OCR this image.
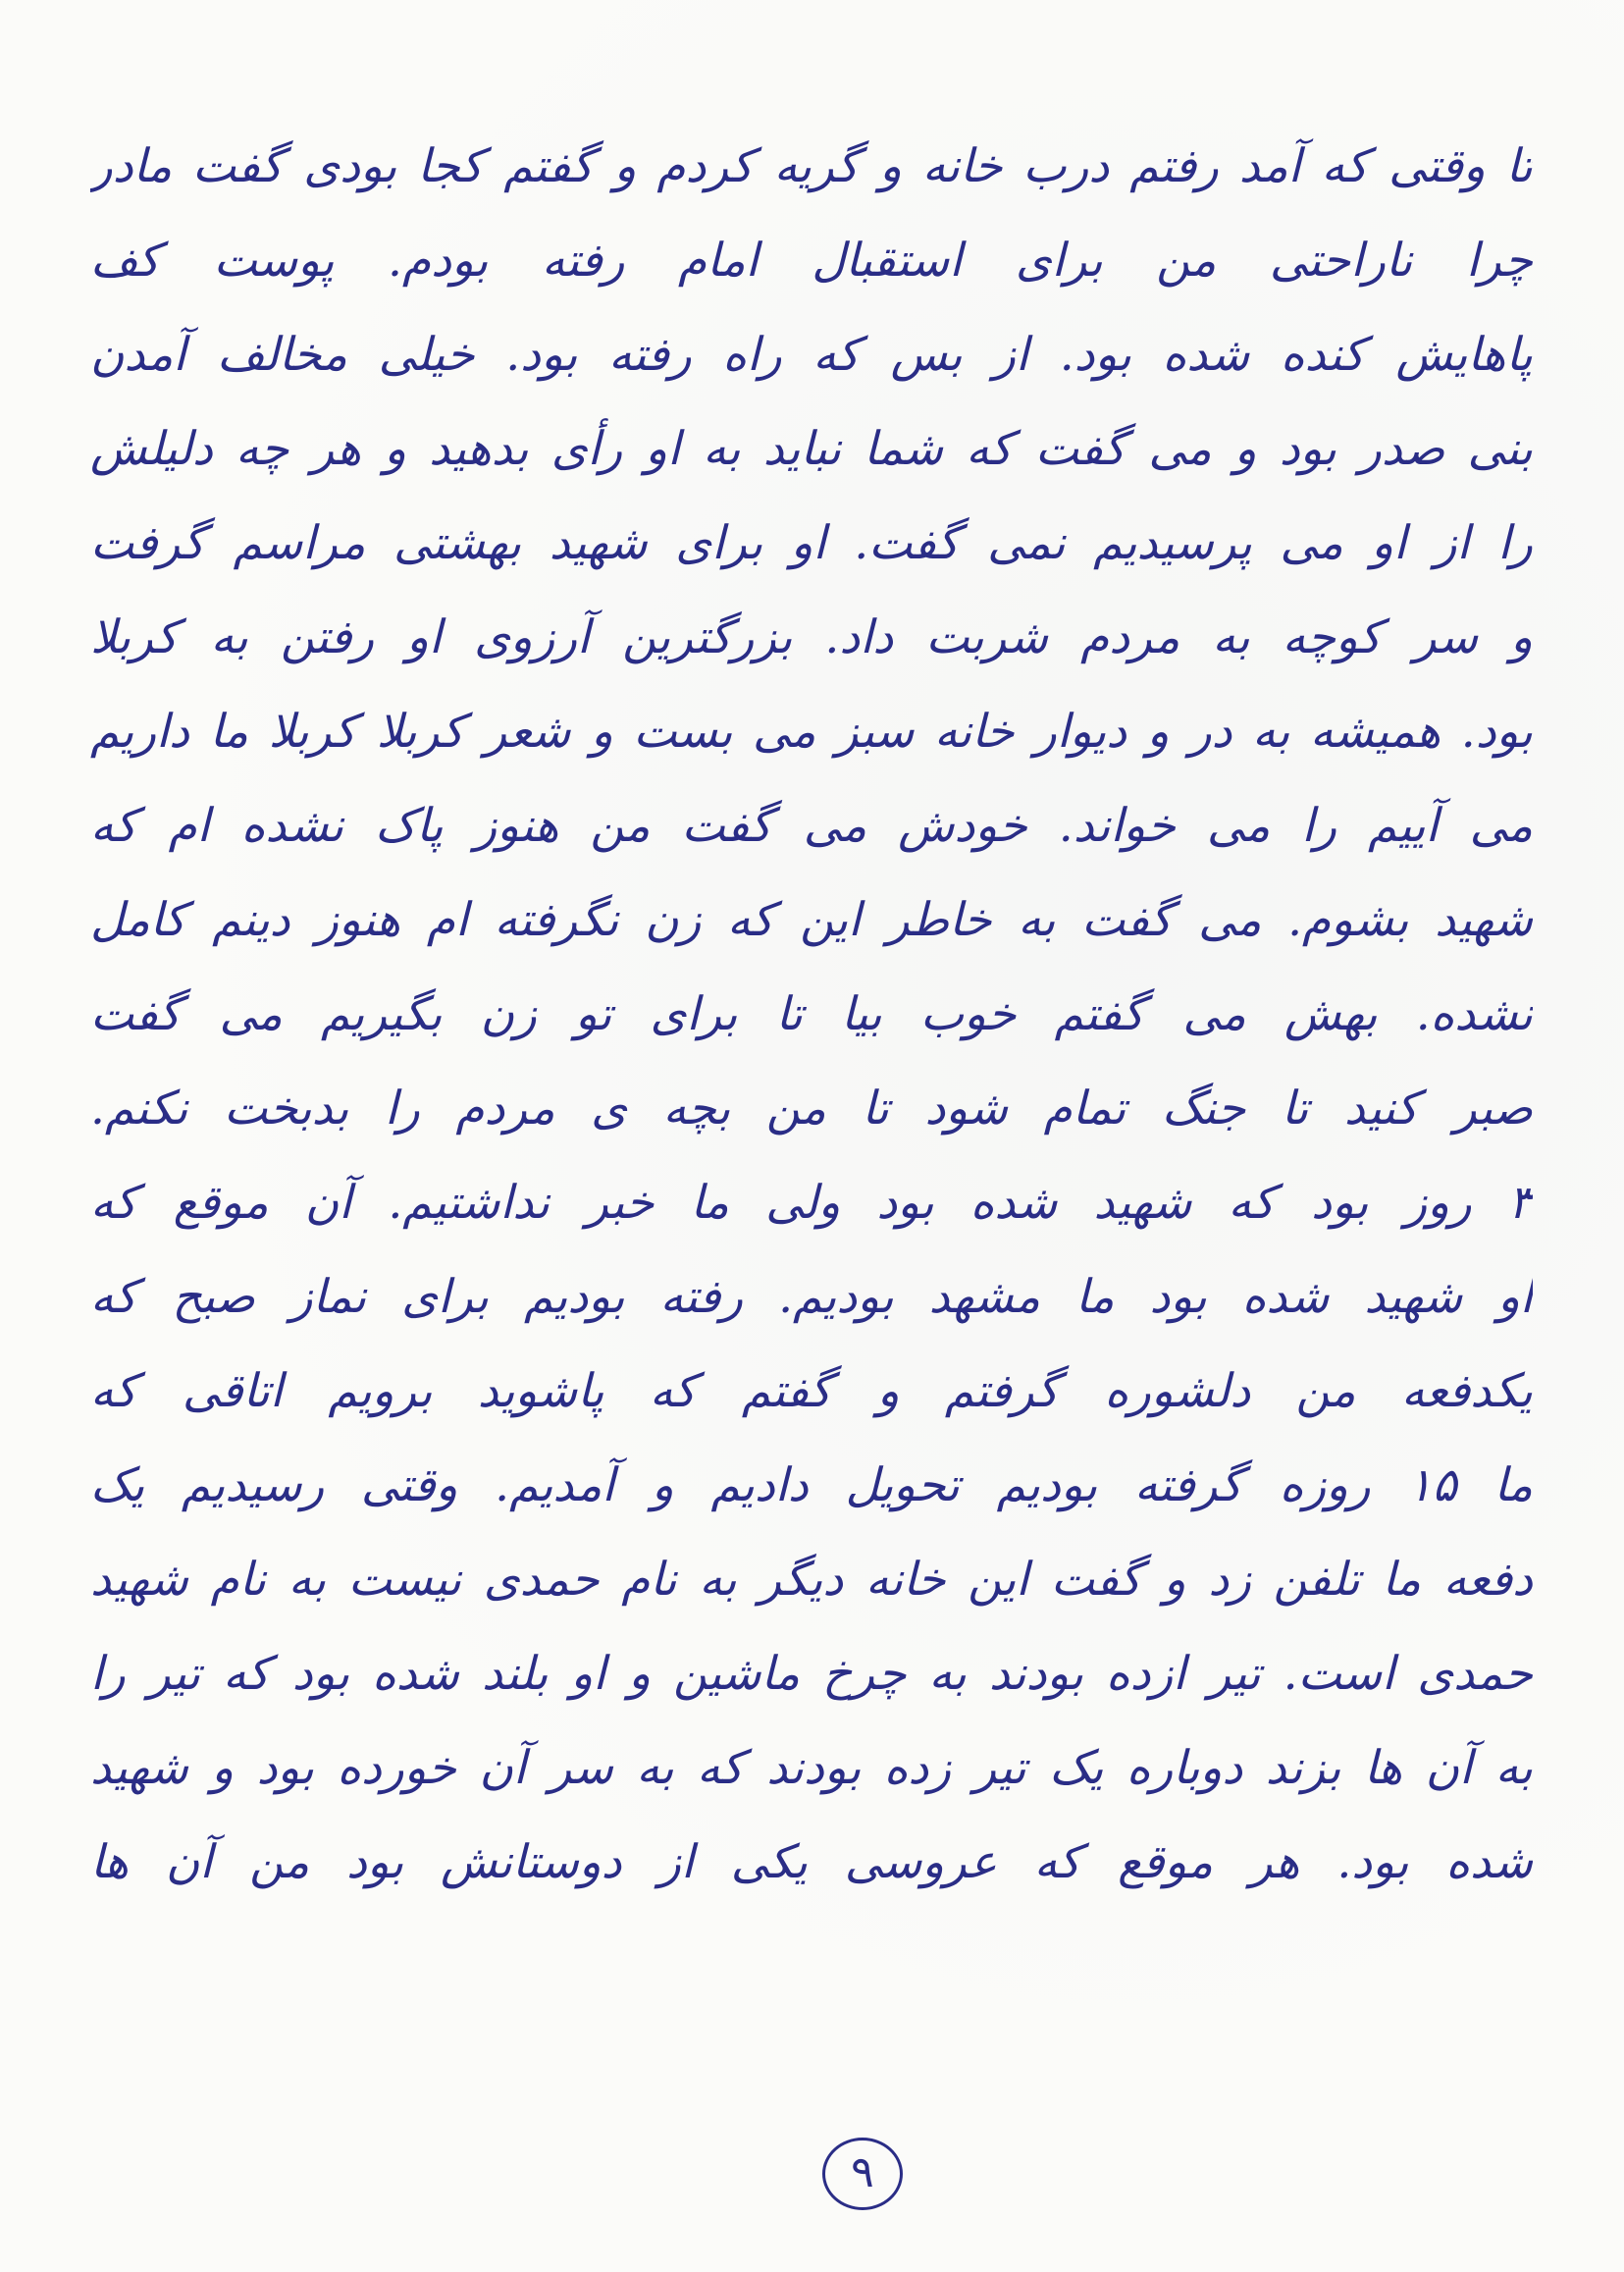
تا وقتی که آمد رفتم درب خانه و گریه کردم و گفتم کجا بودی گفت مادر
چرا ناراحتی من برای استقبال امام رفته بودم. پوست کف
پاهایش کنده شده بود. از بس که راه رفته بود. خیلی مخالف آمدن
بنی صدر بود و می گفت که شما نباید به او رأی بدهید و هر چه دلیلش
را از او می پرسیدیم نمی گفت. او برای شهید بهشتی مراسم گرفت
و سر کوچه به مردم شربت داد. بزرگترین آرزوی او رفتن به کربلا
بود. همیشه به در و دیوار خانه سبز می بست و شعر کربلا کربلا ما داریم
می آییم را می خواند. خودش می گفت من هنوز پاک نشده ام که
شهید بشوم. می گفت به خاطر این که زن نگرفته ام هنوز دینم کامل
نشده. بهش می گفتم خوب بیا تا برای تو زن بگیریم می گفت
صبر کنید تا جنگ تمام شود تا من بچه ی مردم را بدبخت نکنم.
۳ روز بود که شهید شده بود ولی ما خبر نداشتیم. آن موقع که
او شهید شده بود ما مشهد بودیم. رفته بودیم برای نماز صبح که
یکدفعه من دلشوره گرفتم و گفتم که پاشوید برویم اتاقی که
ما ۱۵ روزه گرفته بودیم تحویل دادیم و آمدیم. وقتی رسیدیم یک
دفعه ما تلفن زد و گفت این خانه دیگر به نام حمدی نیست به نام شهید
حمدی است. تیر ازده بودند به چرخ ماشین و او بلند شده بود که تیر را
به آن ها بزند دوباره یک تیر زده بودند که به سر آن خورده بود و شهید
شده بود. هر موقع که عروسی یکی از دوستانش بود من آن ها
۹
